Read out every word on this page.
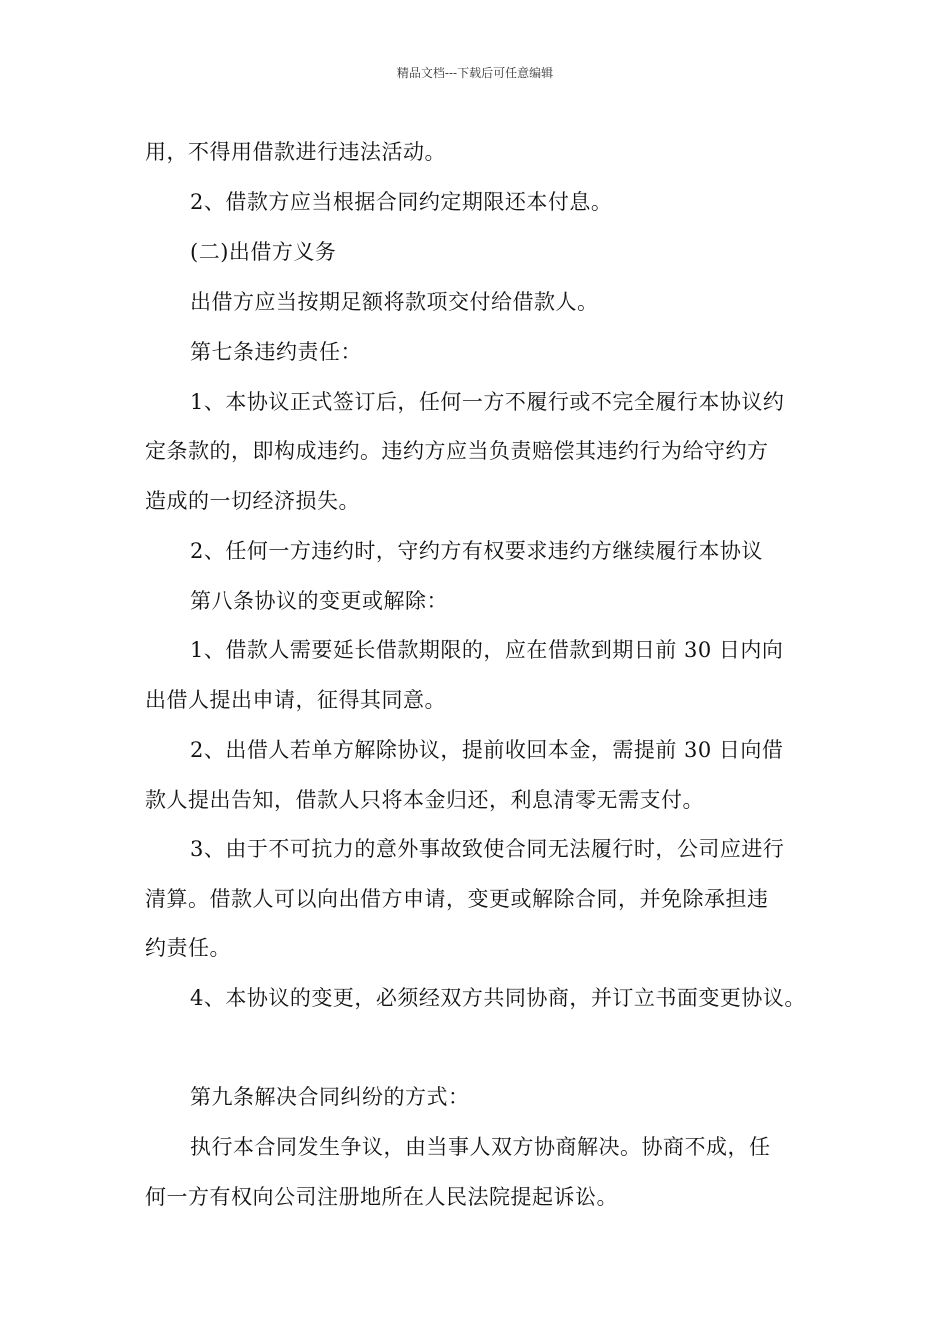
精品文档---下载后可任意编辑
用，不得用借款进行违法活动。
2、借款方应当根据合同约定期限还本付息。
(二)出借方义务
出借方应当按期足额将款项交付给借款人。
第七条违约责任：
1、本协议正式签订后，任何一方不履行或不完全履行本协议约
定条款的，即构成违约。违约方应当负责赔偿其违约行为给守约方
造成的一切经济损失。
2、任何一方违约时，守约方有权要求违约方继续履行本协议
第八条协议的变更或解除：
1、借款人需要延长借款期限的，应在借款到期日前 30 日内向
出借人提出申请，征得其同意。
2、出借人若单方解除协议，提前收回本金，需提前 30 日向借
款人提出告知，借款人只将本金归还，利息清零无需支付。
3、由于不可抗力的意外事故致使合同无法履行时，公司应进行
清算。借款人可以向出借方申请，变更或解除合同，并免除承担违
约责任。
4、本协议的变更，必须经双方共同协商，并订立书面变更协议。
第九条解决合同纠纷的方式：
执行本合同发生争议，由当事人双方协商解决。协商不成，任
何一方有权向公司注册地所在人民法院提起诉讼。
